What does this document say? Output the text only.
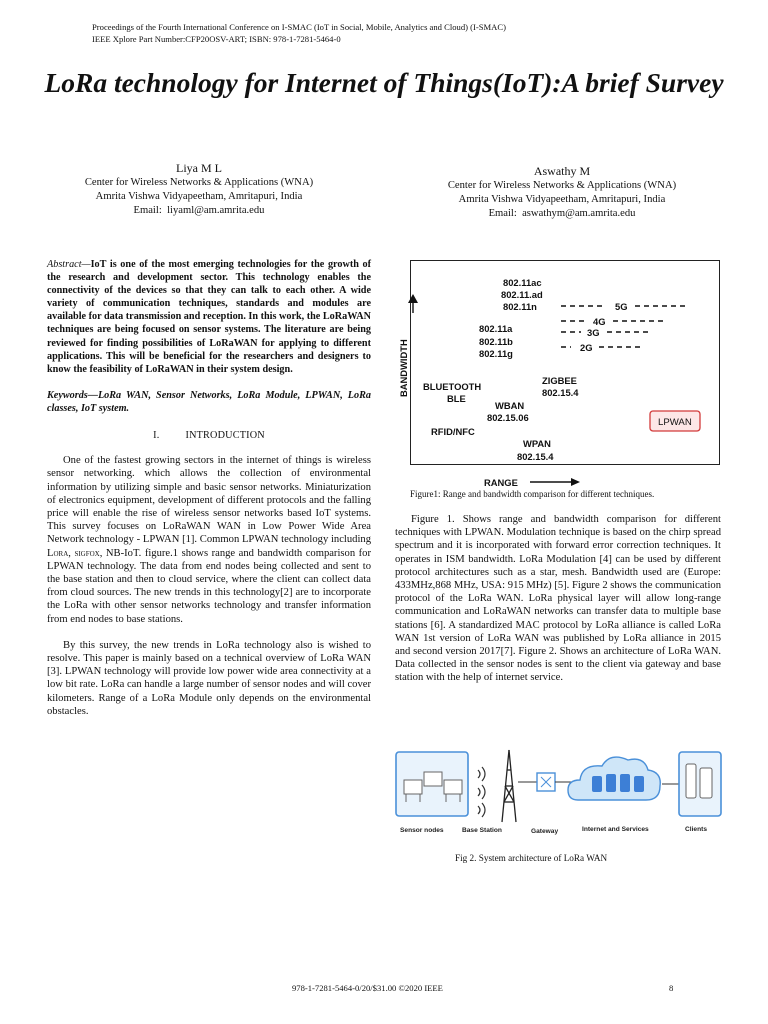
Proceedings of the Fourth International Conference on I-SMAC (IoT in Social, Mobile, Analytics and Cloud) (I-SMAC)
IEEE Xplore Part Number:CFP20OSV-ART; ISBN: 978-1-7281-5464-0
LoRa technology for Internet of Things(IoT):A brief Survey
Liya M L
Center for Wireless Networks & Applications (WNA)
Amrita Vishwa Vidyapeetham, Amritapuri, India
Email: liyaml@am.amrita.edu
Aswathy M
Center for Wireless Networks & Applications (WNA)
Amrita Vishwa Vidyapeetham, Amritapuri, India
Email: aswathym@am.amrita.edu

Abstract—IoT is one of the most emerging technologies for the growth of the research and development sector. This technology enables the connectivity of the devices so that they can talk to each other. A wide variety of communication techniques, standards and modules are available for data transmission and reception. In this work, the LoRaWAN techniques are being focused on sensor systems. The literature are being reviewed for finding possibilities of LoRaWAN for applying to different applications. This will be beneficial for the researchers and designers to know the feasibility of LoRaWAN in their system design.

Keywords—LoRa WAN, Sensor Networks, LoRa Module, LPWAN, LoRa classes, IoT system.

I.	INTRODUCTION

One of the fastest growing sectors in the internet of things is wireless sensor networking. which allows the collection of environmental information by utilizing simple and basic sensor networks. Miniaturization of electronics equipment, development of different protocols and the falling price will enable the rise of wireless sensor networks based IoT systems. This survey focuses on LoRaWAN WAN in Low Power Wide Area Network technology - LPWAN [1]. Common LPWAN technology including Lora, sigfox, NB-IoT. figure.1 shows range and bandwidth comparison for LPWAN technology. The data from end nodes being collected and sent to the base station and then to cloud service, where the client can collect data from cloud sources. The new trends in this technology[2] are to incorporate the LoRa with other sensor networks technology and transfer information from end nodes to base stations.

By this survey, the new trends in LoRa technology also is wished to resolve. This paper is mainly based on a technical overview of LoRa WAN [3]. LPWAN technology will provide low power wide area connectivity at a low bit rate. LoRa can handle a large number of sensor nodes and will cover kilometers. Range of a LoRa Module only depends on the environmental obstacles.

BANDWIDTH
802.11ac
802.11.ad
802.11n
802.11a
802.11b
802.11g
5G
4G
3G
2G
BLUETOOTH
BLE
ZIGBEE
802.15.4
WBAN
802.15.06
RFID/NFC
WPAN
802.15.4
LPWAN
RANGE
Figure1: Range and bandwidth comparison for different techniques.

Figure 1. Shows range and bandwidth comparison for different techniques with LPWAN. Modulation technique is based on the chirp spread spectrum and it is incorporated with forward error correction techniques. It operates in ISM bandwidth. LoRa Modulation [4] can be used by different protocol architectures such as a star, mesh. Bandwidth used are (Europe: 433MHz,868 MHz, USA: 915 MHz) [5]. Figure 2 shows the communication protocol of the LoRa WAN. LoRa physical layer will allow long-range communication and LoRaWAN networks can transfer data to multiple base stations [6]. A standardized MAC protocol by LoRa alliance is called LoRa WAN 1st version of LoRa WAN was published by LoRa alliance in 2015 and second version 2017[7]. Figure 2. Shows an architecture of LoRa WAN. Data collected in the sensor nodes is sent to the client via gateway and base station with the help of internet service.

Sensor nodes	Base Station	Gateway	Internet and Services	Clients
Fig 2. System architecture of LoRa WAN
978-1-7281-5464-0/20/$31.00 ©2020 IEEE	8
